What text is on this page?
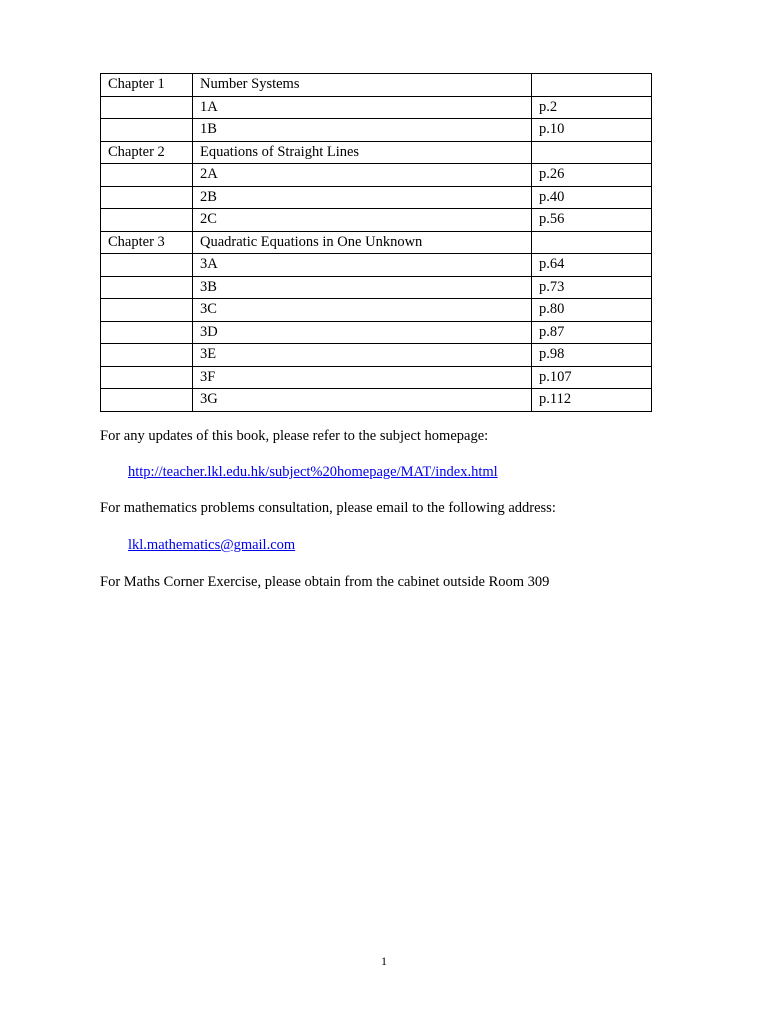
Chapter 1	Number Systems	
	1A	p.2
	1B	p.10
Chapter 2	Equations of Straight Lines	
	2A	p.26
	2B	p.40
	2C	p.56
Chapter 3	Quadratic Equations in One Unknown	
	3A	p.64
	3B	p.73
	3C	p.80
	3D	p.87
	3E	p.98
	3F	p.107
	3G	p.112

For any updates of this book, please refer to the subject homepage:

http://teacher.lkl.edu.hk/subject%20homepage/MAT/index.html

For mathematics problems consultation, please email to the following address:

lkl.mathematics@gmail.com

For Maths Corner Exercise, please obtain from the cabinet outside Room 309

1
